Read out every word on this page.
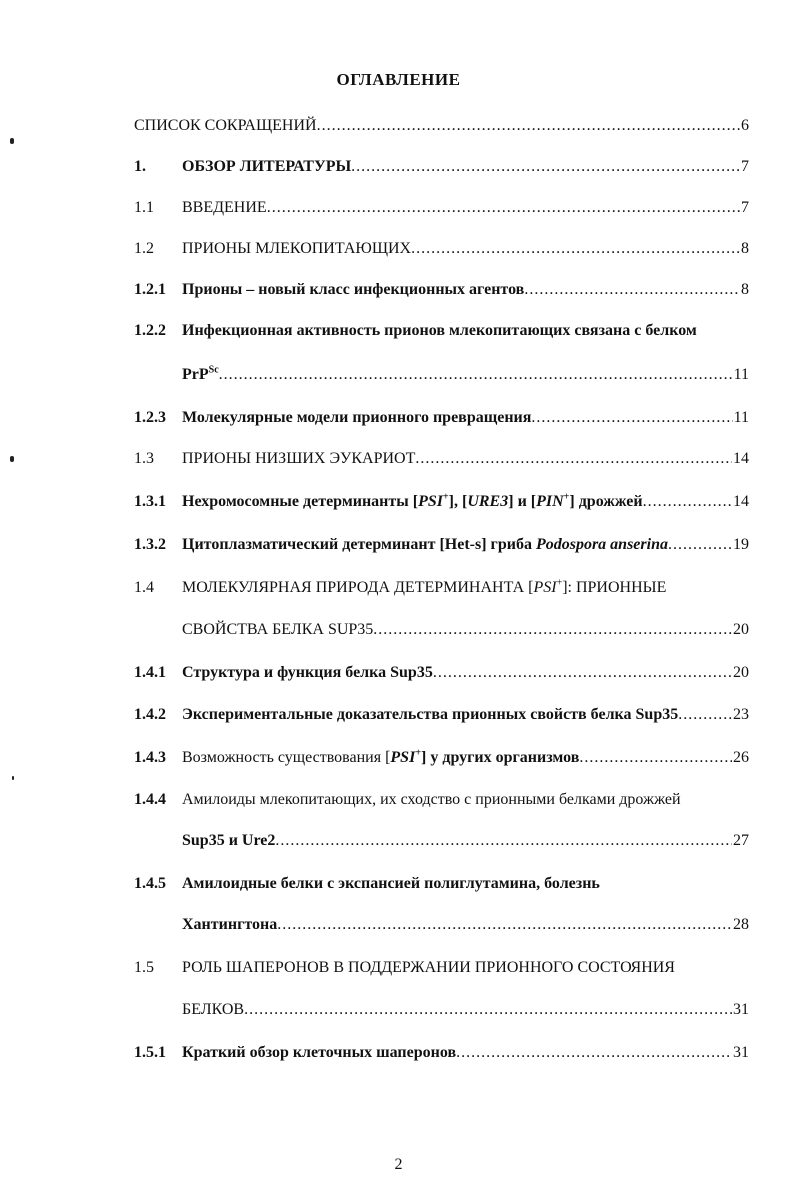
ОГЛАВЛЕНИЕ
СПИСОК СОКРАЩЕНИЙ .....	6
1.	ОБЗОР ЛИТЕРАТУРЫ .....	7
1.1	ВВЕДЕНИЕ .....	7
1.2	ПРИОНЫ МЛЕКОПИТАЮЩИХ .....	8
1.2.1	Прионы – новый класс инфекционных агентов .....	8
1.2.2	Инфекционная активность прионов млекопитающих связана с белком
PrP$^{Sc}$ .....	11
1.2.3	Молекулярные модели прионного превращения .....	11
1.3	ПРИОНЫ НИЗШИХ ЭУКАРИОТ .....	14
1.3.1	Нехромосомные детерминанты [PSI+], [URE3] и [PIN+] дрожжей .....	14
1.3.2	Цитоплазматический детерминант [Het-s] гриба Podospora anserina .....	19
1.4	МОЛЕКУЛЯРНАЯ ПРИРОДА ДЕТЕРМИНАНТА [PSI+]: ПРИОННЫЕ
СВОЙСТВА БЕЛКА SUP35 .....	20
1.4.1	Структура и функция белка Sup35 .....	20
1.4.2	Экспериментальные доказательства прионных свойств белка Sup35 .....	23
1.4.3	Возможность существования [PSI+] у других организмов .....	26
1.4.4	Амилоиды млекопитающих, их сходство с прионными белками дрожжей
Sup35 и Ure2 .....	27
1.4.5	Амилоидные белки с экспансией полиглутамина, болезнь
Хантингтона .....	28
1.5	РОЛЬ ШАПЕРОНОВ В ПОДДЕРЖАНИИ ПРИОННОГО СОСТОЯНИЯ
БЕЛКОВ .....	31
1.5.1	Краткий обзор клеточных шаперонов .....	31
2
